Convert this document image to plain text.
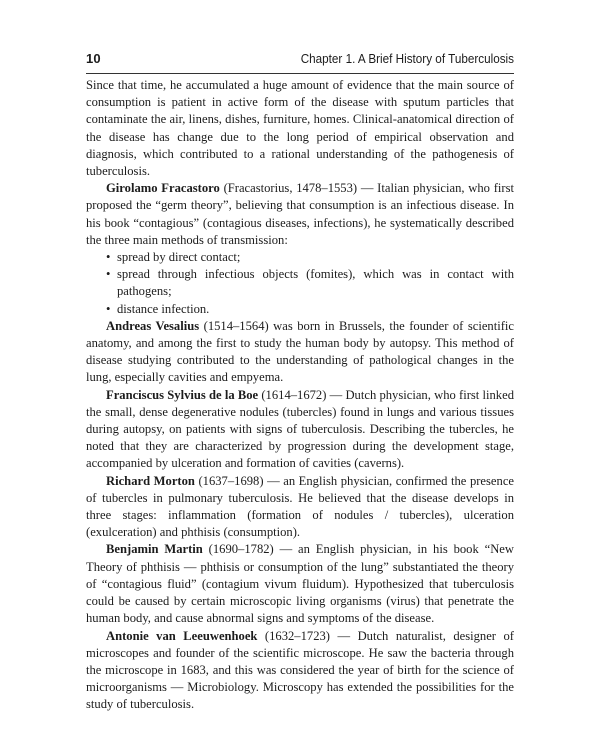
10	Chapter 1. A Brief History of Tuberculosis

Since that time, he accumulated a huge amount of evidence that the main source of consumption is patient in active form of the disease with sputum particles that contaminate the air, linens, dishes, furniture, homes. Clinical-anatomical direction of the disease has change due to the long period of empirical observation and diagnosis, which contributed to a rational understanding of the pathogenesis of tuberculosis.

Girolamo Fracastoro (Fracastorius, 1478–1553) — Italian physician, who first proposed the “germ theory”, believing that consumption is an infectious disease. In his book “contagious” (contagious diseases, infections), he systematically described the three main methods of transmission:

• spread by direct contact;
• spread through infectious objects (fomites), which was in contact with pathogens;
• distance infection.

Andreas Vesalius (1514–1564) was born in Brussels, the founder of scientific anatomy, and among the first to study the human body by autopsy. This method of disease studying contributed to the understanding of pathological changes in the lung, especially cavities and empyema.

Franciscus Sylvius de la Boe (1614–1672) — Dutch physician, who first linked the small, dense degenerative nodules (tubercles) found in lungs and various tissues during autopsy, on patients with signs of tuberculosis. Describing the tubercles, he noted that they are characterized by progression during the development stage, accompanied by ulceration and formation of cavities (caverns).

Richard Morton (1637–1698) — an English physician, confirmed the presence of tubercles in pulmonary tuberculosis. He believed that the disease develops in three stages: inflammation (formation of nodules / tubercles), ulceration (exulceration) and phthisis (consumption).

Benjamin Martin (1690–1782) — an English physician, in his book “New Theory of phthisis — phthisis or consumption of the lung” substantiated the theory of “contagious fluid” (contagium vivum fluidum). Hypothesized that tuberculosis could be caused by certain microscopic living organisms (virus) that penetrate the human body, and cause abnormal signs and symptoms of the disease.

Antonie van Leeuwenhoek (1632–1723) — Dutch naturalist, designer of microscopes and founder of the scientific microscope. He saw the bacteria through the microscope in 1683, and this was considered the year of birth for the science of microorganisms — Microbiology. Microscopy has extended the possibilities for the study of tuberculosis.
